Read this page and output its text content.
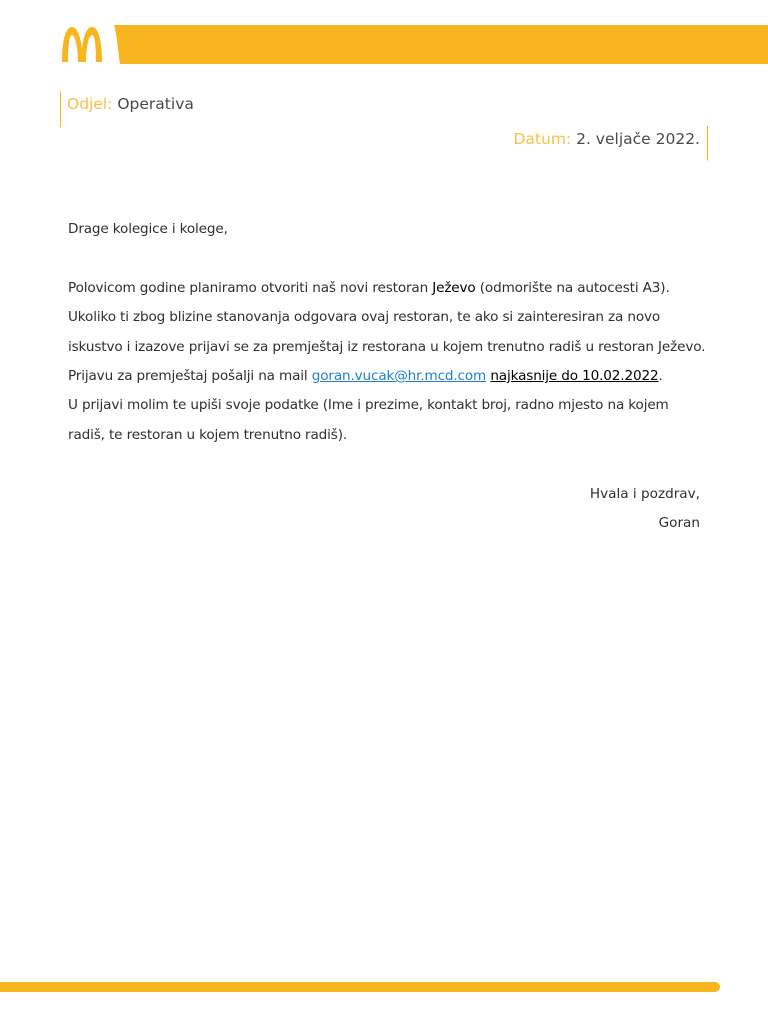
Odjel: Operativa
Datum: 2. veljače 2022.

Drage kolegice i kolege,

Polovicom godine planiramo otvoriti naš novi restoran Ježevo (odmorište na autocesti A3).

Ukoliko ti zbog blizine stanovanja odgovara ovaj restoran, te ako si zainteresiran za novo iskustvo i izazove prijavi se za premještaj iz restorana u kojem trenutno radiš u restoran Ježevo.

Prijavu za premještaj pošalji na mail goran.vucak@hr.mcd.com najkasnije do 10.02.2022.

U prijavi molim te upiši svoje podatke (Ime i prezime, kontakt broj, radno mjesto na kojem radiš, te restoran u kojem trenutno radiš).

Hvala i pozdrav,

Goran
